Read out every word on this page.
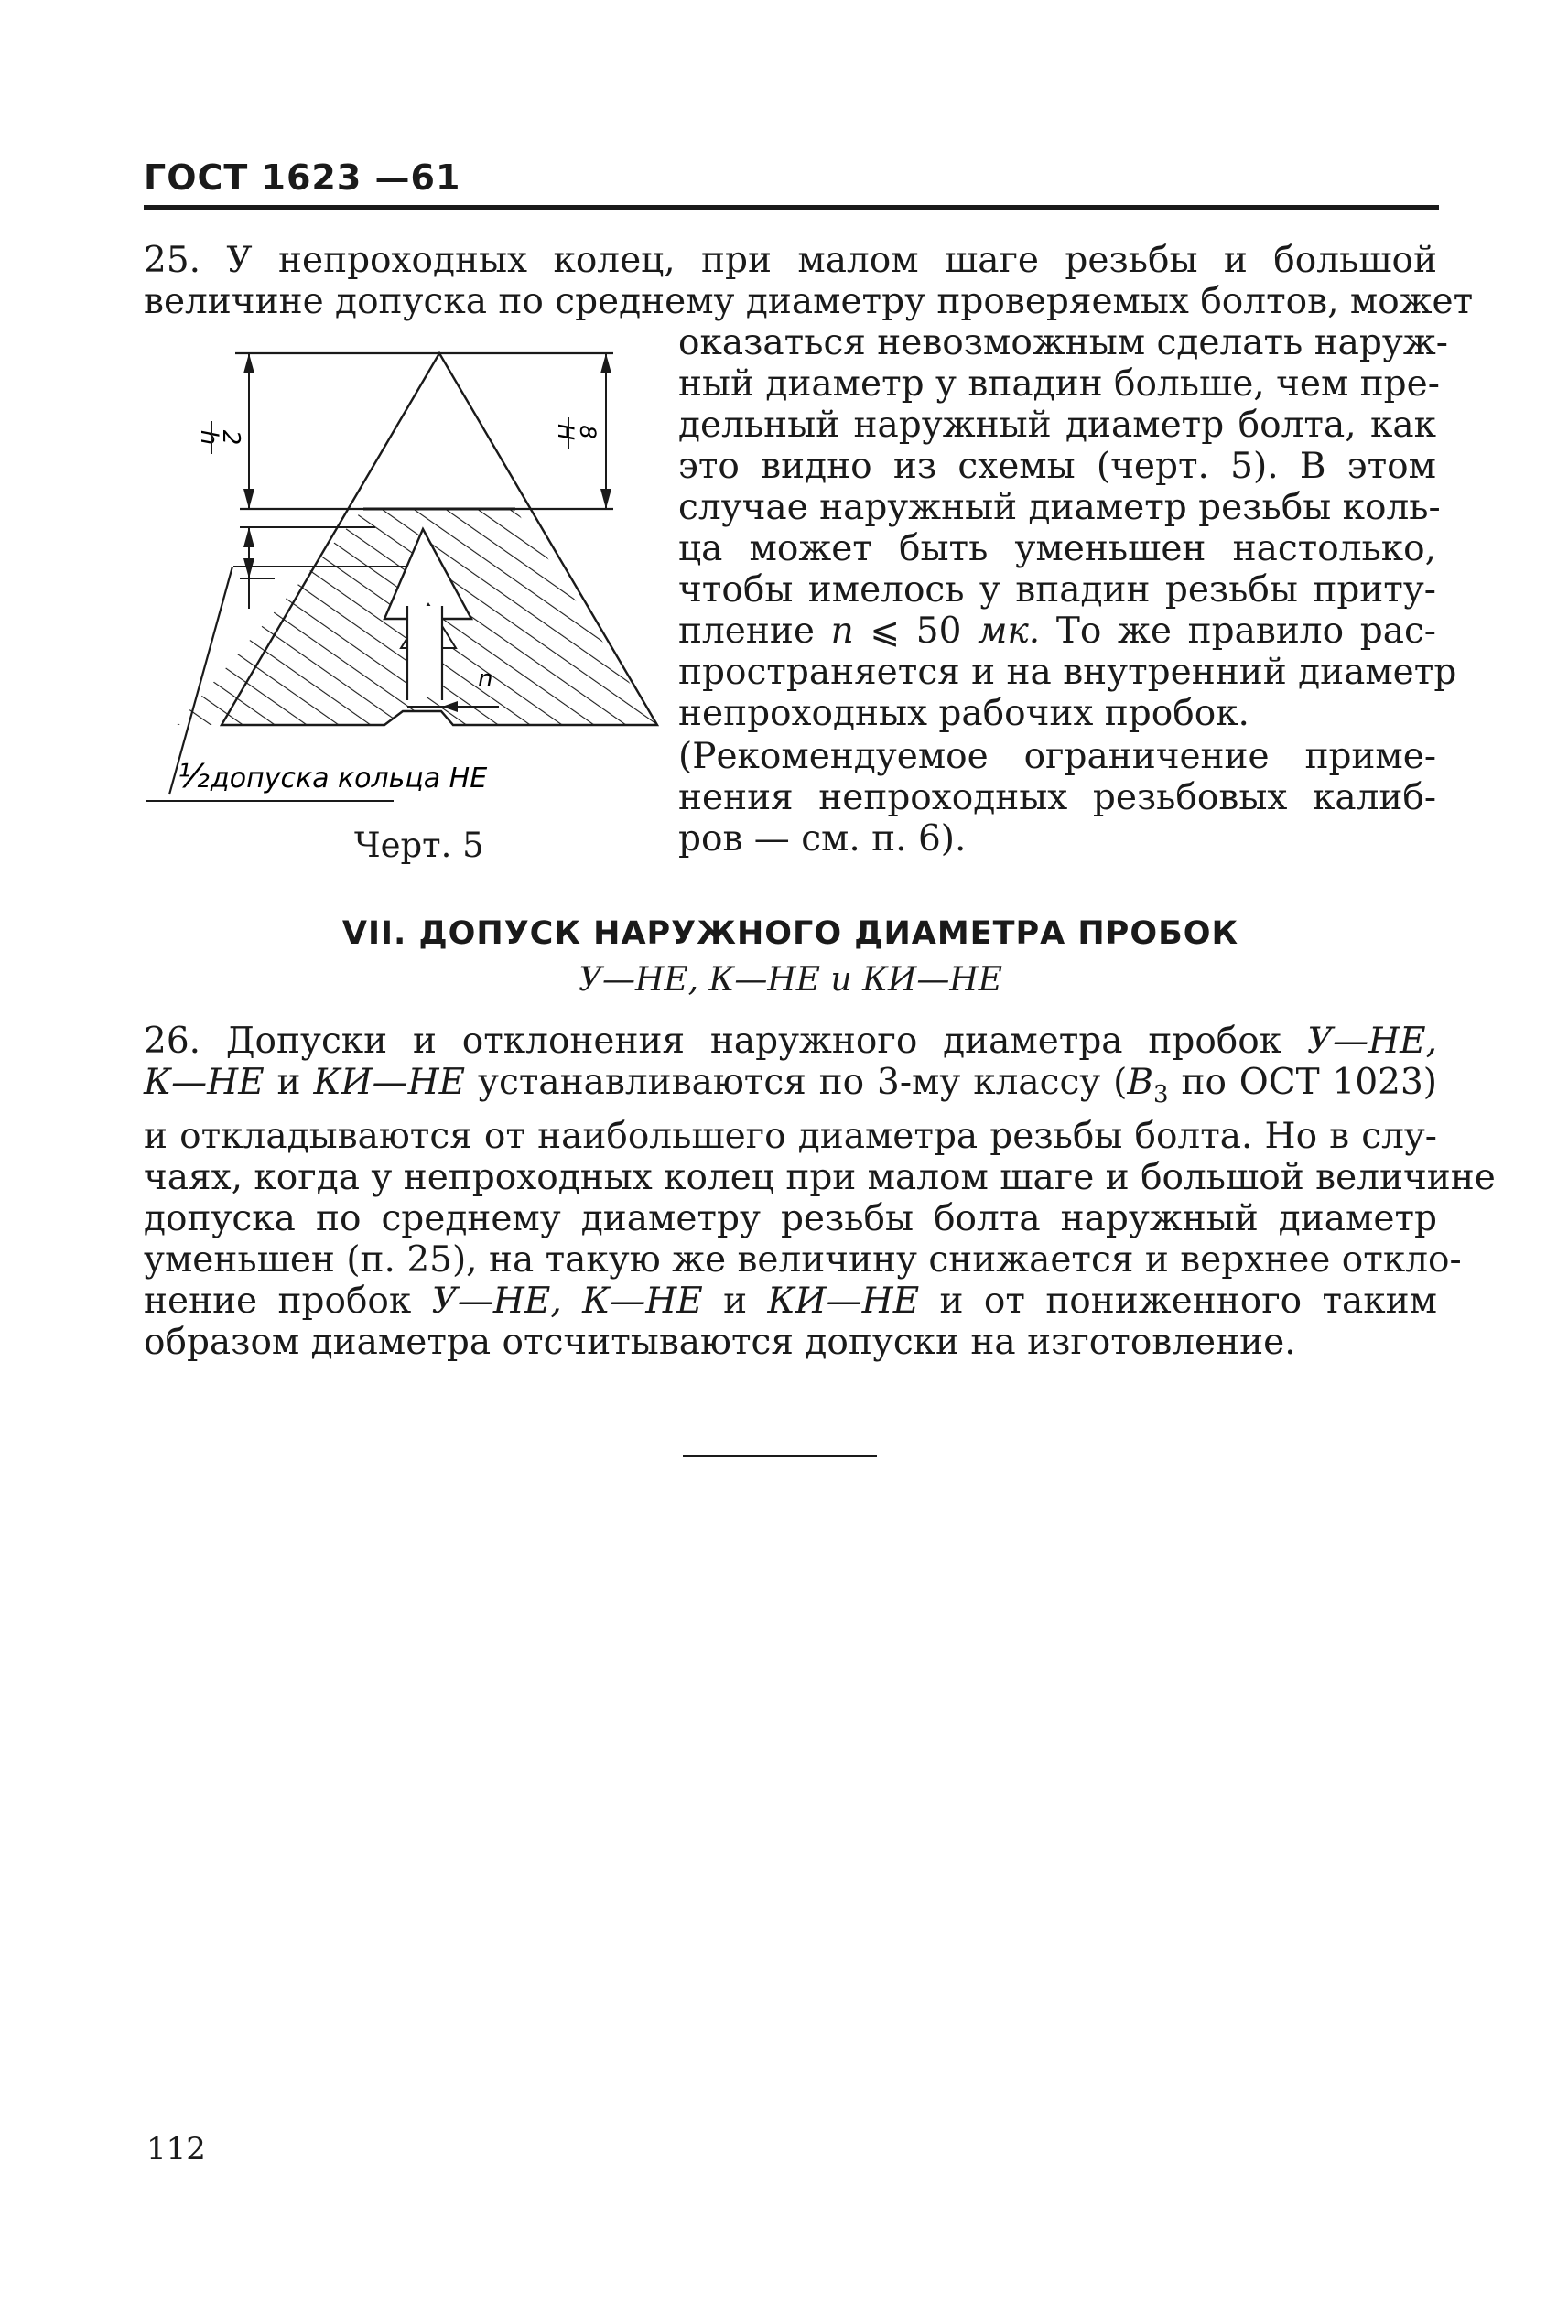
ГОСТ 1623 —61

25. У непроходных колец, при малом шаге резьбы и большой

величине допуска по среднему диаметру проверяемых болтов, может

оказаться невозможным сделать наруж-

ный диаметр у впадин больше, чем пре-

дельный наружный диаметр болта, как

это видно из схемы (черт. 5). В этом

случае наружный диаметр резьбы коль-

ца может быть уменьшен настолько,

чтобы имелось у впадин резьбы приту-

пление n ⩽ 50 мк. То же правило рас-

пространяется и на внутренний диаметр

непроходных рабочих пробок.

(Рекомендуемое ограничение приме-

нения непроходных резьбовых калиб-

ров — см. п. 6).

h
2	H
8
n
½ допуска кольца НЕ
Черт. 5
VII. ДОПУСК НАРУЖНОГО ДИАМЕТРА ПРОБОК
У—НЕ, К—НЕ и КИ—НЕ

26. Допуски и отклонения наружного диаметра пробок У—НЕ,

К—НЕ и КИ—НЕ устанавливаются по 3-му классу ($В_3$ по ОСТ 1023)

и откладываются от наибольшего диаметра резьбы болта. Но в слу-

чаях, когда у непроходных колец при малом шаге и большой величине

допуска по среднему диаметру резьбы болта наружный диаметр

уменьшен (п. 25), на такую же величину снижается и верхнее откло-

нение пробок У—НЕ, К—НЕ и КИ—НЕ и от пониженного таким

образом диаметра отсчитываются допуски на изготовление.

112
